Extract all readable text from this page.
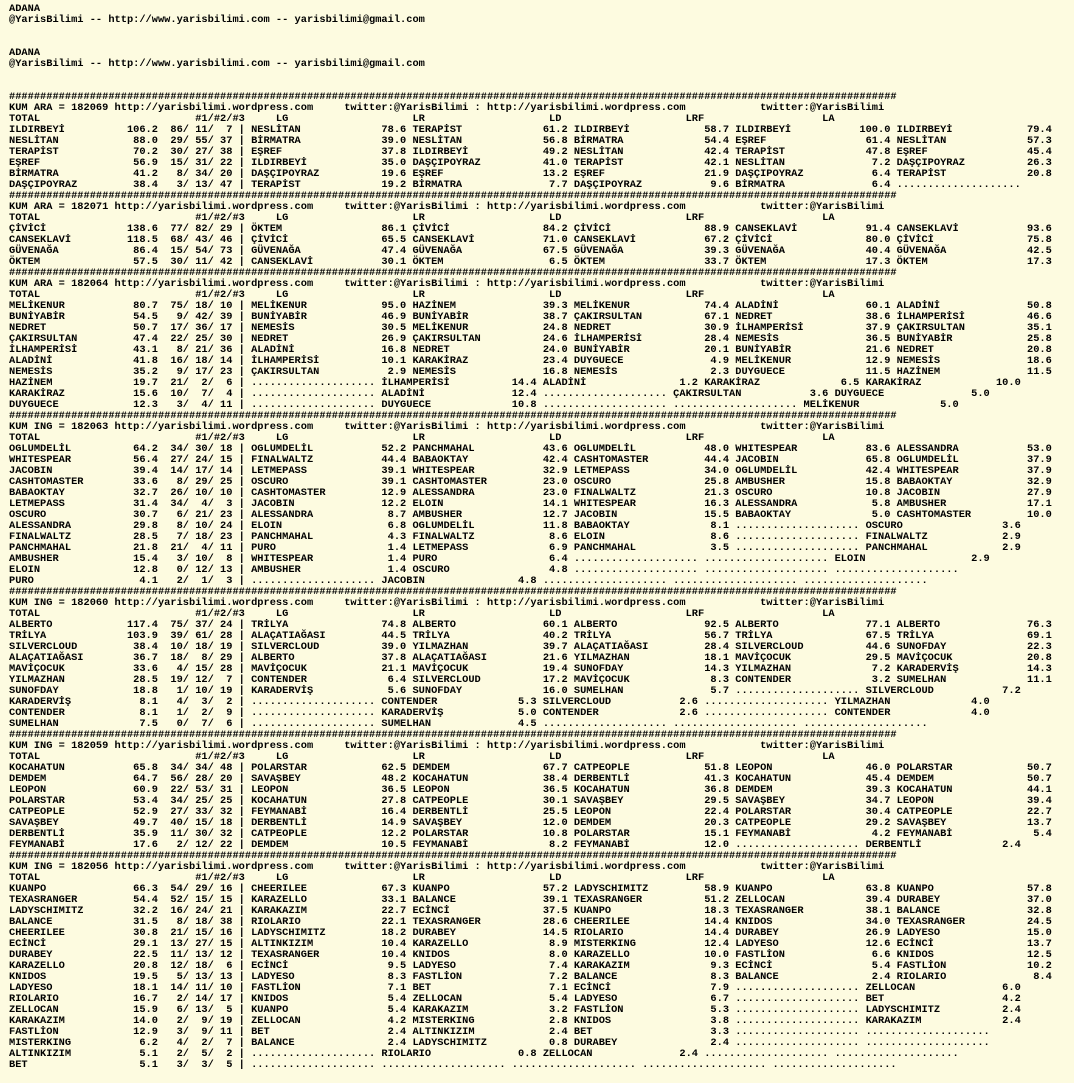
ADANA
@YarisBilimi -- http://www.yarisbilimi.com -- yarisbilimi@gmail.com
ADANA
@YarisBilimi -- http://www.yarisbilimi.com -- yarisbilimi@gmail.com
###############################################################################################################################################
KUM ARA = 182069 http://yarisbilimi.wordpress.com     twitter:@YarisBilimi : http://yarisbilimi.wordpress.com            twitter:@YarisBilimi
TOTAL                         #1/#2/#3     LG                    LR                    LD                    LRF                   LA
ILDIRBEYİ          106.2  86/ 11/  7 | NESLİTAN             78.6 TERAPİST             61.2 ILDIRBEYİ            58.7 ILDIRBEYİ           100.0 ILDIRBEYİ            79.4
NESLİTAN            88.0  29/ 55/ 37 | BİRMATRA             39.0 NESLİTAN             56.8 BİRMATRA             54.4 EŞREF                61.4 NESLİTAN             57.3
TERAPİST            70.2  30/ 27/ 38 | EŞREF                37.8 ILDIRBEYİ            49.2 NESLİTAN             42.4 TERAPİST             47.8 EŞREF                45.4
EŞREF               56.9  15/ 31/ 22 | ILDIRBEYİ            35.0 DAŞÇIPOYRAZ          41.0 TERAPİST             42.1 NESLİTAN              7.2 DAŞÇIPOYRAZ          26.3
BİRMATRA            41.2   8/ 34/ 20 | DAŞÇIPOYRAZ          19.6 EŞREF                13.2 EŞREF                21.9 DAŞÇIPOYRAZ           6.4 TERAPİST             20.8
DAŞÇIPOYRAZ         38.4   3/ 13/ 47 | TERAPİST             19.2 BİRMATRA              7.7 DAŞÇIPOYRAZ           9.6 BİRMATRA              6.4 ....................
###############################################################################################################################################
KUM ARA = 182071 http://yarisbilimi.wordpress.com     twitter:@YarisBilimi : http://yarisbilimi.wordpress.com            twitter:@YarisBilimi
TOTAL                         #1/#2/#3     LG                    LR                    LD                    LRF                   LA
ÇİVİCİ             138.6  77/ 82/ 29 | ÖKTEM                86.1 ÇİVİCİ               84.2 ÇİVİCİ               88.9 CANSEKLAVİ           91.4 CANSEKLAVİ           93.6
CANSEKLAVİ         118.5  68/ 43/ 46 | ÇİVİCİ               65.5 CANSEKLAVİ           71.0 CANSEKLAVİ           67.2 ÇİVİCİ               80.0 ÇİVİCİ               75.8
GÜVENAĞA            86.4  15/ 54/ 73 | GÜVENAĞA             47.4 GÜVENAĞA             67.5 GÜVENAĞA             39.3 GÜVENAĞA             40.4 GÜVENAĞA             42.5
ÖKTEM               57.5  30/ 11/ 42 | CANSEKLAVİ           30.1 ÖKTEM                 6.5 ÖKTEM                33.7 ÖKTEM                17.3 ÖKTEM                17.3
###############################################################################################################################################
KUM ARA = 182064 http://yarisbilimi.wordpress.com     twitter:@YarisBilimi : http://yarisbilimi.wordpress.com            twitter:@YarisBilimi
TOTAL                         #1/#2/#3     LG                    LR                    LD                    LRF                   LA
MELİKENUR           80.7  75/ 18/ 10 | MELİKENUR            95.0 HAZİNEM              39.3 MELİKENUR            74.4 ALADİNİ              60.1 ALADİNİ              50.8
BUNİYABİR           54.5   9/ 42/ 39 | BUNİYABİR            46.9 BUNİYABİR            38.7 ÇAKIRSULTAN          67.1 NEDRET               38.6 İLHAMPERİSİ          46.6
NEDRET              50.7  17/ 36/ 17 | NEMESİS              30.5 MELİKENUR            24.8 NEDRET               30.9 İLHAMPERİSİ          37.9 ÇAKIRSULTAN          35.1
ÇAKIRSULTAN         47.4  22/ 25/ 30 | NEDRET               26.9 ÇAKIRSULTAN          24.6 İLHAMPERİSİ          28.4 NEMESİS              36.5 BUNİYABİR            25.8
İLHAMPERİSİ         43.1   8/ 21/ 36 | ALADİNİ              16.8 NEDRET               24.0 BUNİYABİR            20.1 BUNİYABİR            21.6 NEDRET               20.8
ALADİNİ             41.8  16/ 18/ 14 | İLHAMPERİSİ          10.1 KARAKİRAZ            23.4 DUYGUECE              4.9 MELİKENUR            12.9 NEMESİS              18.6
NEMESİS             35.2   9/ 17/ 23 | ÇAKIRSULTAN           2.9 NEMESİS              16.8 NEMESİS               2.3 DUYGUECE             11.5 HAZİNEM              11.5
HAZİNEM             19.7  21/  2/  6 | .................... İLHAMPERİSİ          14.4 ALADİNİ               1.2 KARAKİRAZ             6.5 KARAKİRAZ            10.0
KARAKİRAZ           15.6  10/  7/  4 | .................... ALADİNİ              12.4 .................... ÇAKIRSULTAN           3.6 DUYGUECE              5.0
DUYGUECE            12.3   3/  4/ 11 | .................... DUYGUECE             10.8 .................... .................... MELİKENUR             5.0
###############################################################################################################################################
KUM ING = 182063 http://yarisbilimi.wordpress.com     twitter:@YarisBilimi : http://yarisbilimi.wordpress.com            twitter:@YarisBilimi
TOTAL                         #1/#2/#3     LG                    LR                    LD                    LRF                   LA
OGLUMDELİL          64.2  34/ 30/ 18 | OGLUMDELİL           52.2 PANCHMAHAL           43.6 OGLUMDELİL           48.0 WHITESPEAR           83.6 ALESSANDRA           53.0
WHITESPEAR          56.4  27/ 24/ 15 | FINALWALTZ           44.4 BABAOKTAY            42.4 CASHTOMASTER         44.4 JACOBIN              65.8 OGLUMDELİL           37.9
JACOBIN             39.4  14/ 17/ 14 | LETMEPASS            39.1 WHITESPEAR           32.9 LETMEPASS            34.0 OGLUMDELİL           42.4 WHITESPEAR           37.9
CASHTOMASTER        33.6   8/ 29/ 25 | OSCURO               39.1 CASHTOMASTER         23.0 OSCURO               25.8 AMBUSHER             15.8 BABAOKTAY            32.9
BABAOKTAY           32.7  26/ 10/ 10 | CASHTOMASTER         12.9 ALESSANDRA           23.0 FINALWALTZ           21.3 OSCURO               10.8 JACOBIN              27.9
LETMEPASS           31.4  34/  4/  3 | JACOBIN              12.2 ELOIN                14.1 WHITESPEAR           16.3 ALESSANDRA            5.8 AMBUSHER             17.1
OSCURO              30.7   6/ 21/ 23 | ALESSANDRA            8.7 AMBUSHER             12.7 JACOBIN              15.5 BABAOKTAY             5.0 CASHTOMASTER         10.0
ALESSANDRA          29.8   8/ 10/ 24 | ELOIN                 6.8 OGLUMDELİL           11.8 BABAOKTAY             8.1 .................... OSCURO                3.6
FINALWALTZ          28.5   7/ 18/ 23 | PANCHMAHAL            4.3 FINALWALTZ            8.6 ELOIN                 8.6 .................... FINALWALTZ            2.9
PANCHMAHAL          21.8  21/  4/ 11 | PURO                  1.4 LETMEPASS             6.9 PANCHMAHAL            3.5 .................... PANCHMAHAL            2.9
AMBUSHER            15.4   3/ 10/  8 | WHITESPEAR            1.4 PURO                  6.4 .................... .................... ELOIN                 2.9
ELOIN               12.8   0/ 12/ 13 | AMBUSHER              1.4 OSCURO                4.8 .................... .................... ....................
PURO                 4.1   2/  1/  3 | .................... JACOBIN               4.8 .................... .................... ....................
###############################################################################################################################################
KUM ING = 182060 http://yarisbilimi.wordpress.com     twitter:@YarisBilimi : http://yarisbilimi.wordpress.com            twitter:@YarisBilimi
TOTAL                         #1/#2/#3     LG                    LR                    LD                    LRF                   LA
ALBERTO            117.4  75/ 37/ 24 | TRİLYA               74.8 ALBERTO              60.1 ALBERTO              92.5 ALBERTO              77.1 ALBERTO              76.3
TRİLYA             103.9  39/ 61/ 28 | ALAÇATIAĞASI         44.5 TRİLYA               40.2 TRİLYA               56.7 TRİLYA               67.5 TRİLYA               69.1
SILVERCLOUD         38.4  10/ 18/ 19 | SILVERCLOUD          39.0 YILMAZHAN            39.7 ALAÇATIAĞASI         28.4 SILVERCLOUD          44.6 SUNOFDAY             22.3
ALAÇATIAĞASI        36.7  18/  8/ 29 | ALBERTO              37.8 ALAÇATIAĞASI         21.6 YILMAZHAN            18.1 MAVİÇOCUK            29.5 MAVİÇOCUK            20.8
MAVİÇOCUK           33.6   4/ 15/ 28 | MAVİÇOCUK            21.1 MAVİÇOCUK            19.4 SUNOFDAY             14.3 YILMAZHAN             7.2 KARADERVİŞ           14.3
YILMAZHAN           28.5  19/ 12/  7 | CONTENDER             6.4 SILVERCLOUD          17.2 MAVİÇOCUK             8.3 CONTENDER             3.2 SUMELHAN             11.1
SUNOFDAY            18.8   1/ 10/ 19 | KARADERVİŞ            5.6 SUNOFDAY             16.0 SUMELHAN              5.7 .................... SILVERCLOUD           7.2
KARADERVİŞ           8.1   4/  3/  2 | .................... CONTENDER             5.3 SILVERCLOUD           2.6 .................... YILMAZHAN             4.0
CONTENDER            8.1   1/  2/  9 | .................... KARADERVİŞ            5.0 CONTENDER             2.6 .................... CONTENDER             4.0
SUMELHAN             7.5   0/  7/  6 | .................... SUMELHAN              4.5 .................... .................... ....................
###############################################################################################################################################
KUM ING = 182059 http://yarisbilimi.wordpress.com     twitter:@YarisBilimi : http://yarisbilimi.wordpress.com            twitter:@YarisBilimi
TOTAL                         #1/#2/#3     LG                    LR                    LD                    LRF                   LA
KOCAHATUN           65.8  34/ 34/ 48 | POLARSTAR            62.5 DEMDEM               67.7 CATPEOPLE            51.8 LEOPON               46.0 POLARSTAR            50.7
DEMDEM              64.7  56/ 28/ 20 | SAVAŞBEY             48.2 KOCAHATUN            38.4 DERBENTLİ            41.3 KOCAHATUN            45.4 DEMDEM               50.7
LEOPON              60.9  22/ 53/ 31 | LEOPON               36.5 LEOPON               36.5 KOCAHATUN            36.8 DEMDEM               39.3 KOCAHATUN            44.1
POLARSTAR           53.4  34/ 25/ 25 | KOCAHATUN            27.8 CATPEOPLE            30.1 SAVAŞBEY             29.5 SAVAŞBEY             34.7 LEOPON               39.4
CATPEOPLE           52.9  27/ 33/ 32 | FEYMANABİ            16.4 DERBENTLİ            25.5 LEOPON               22.4 POLARSTAR            30.4 CATPEOPLE            22.7
SAVAŞBEY            49.7  40/ 15/ 18 | DERBENTLİ            14.9 SAVAŞBEY             12.0 DEMDEM               20.3 CATPEOPLE            29.2 SAVAŞBEY             13.7
DERBENTLİ           35.9  11/ 30/ 32 | CATPEOPLE            12.2 POLARSTAR            10.8 POLARSTAR            15.1 FEYMANABİ             4.2 FEYMANABİ             5.4
FEYMANABİ           17.6   2/ 12/ 22 | DEMDEM               10.5 FEYMANABİ             8.2 FEYMANABİ            12.0 .................... DERBENTLİ             2.4
###############################################################################################################################################
KUM ING = 182056 http://yarisbilimi.wordpress.com     twitter:@YarisBilimi : http://yarisbilimi.wordpress.com            twitter:@YarisBilimi
TOTAL                         #1/#2/#3     LG                    LR                    LD                    LRF                   LA
KUANPO              66.3  54/ 29/ 16 | CHEERILEE            67.3 KUANPO               57.2 LADYSCHIMITZ         58.9 KUANPO               63.8 KUANPO               57.8
TEXASRANGER         54.4  52/ 15/ 15 | KARAZELLO            33.1 BALANCE              39.1 TEXASRANGER          51.2 ZELLOCAN             39.4 DURABEY              37.0
LADYSCHIMITZ        32.2  16/ 24/ 21 | KARAKAZIM            22.7 ECİNCİ               37.5 KUANPO               18.3 TEXASRANGER          38.1 BALANCE              32.8
BALANCE             31.5   8/ 18/ 38 | RIOLARIO             22.1 TEXASRANGER          28.6 CHEERILEE            14.4 KNIDOS               34.0 TEXASRANGER          24.5
CHEERILEE           30.8  21/ 15/ 16 | LADYSCHIMITZ         18.2 DURABEY              14.5 RIOLARIO             14.4 DURABEY              26.9 LADYESO              15.0
ECİNCİ              29.1  13/ 27/ 15 | ALTINKIZIM           10.4 KARAZELLO             8.9 MISTERKING           12.4 LADYESO              12.6 ECİNCİ               13.7
DURABEY             22.5  11/ 13/ 12 | TEXASRANGER          10.4 KNIDOS                8.0 KARAZELLO            10.0 FASTLİON              6.6 KNIDOS               12.5
KARAZELLO           20.8  12/ 18/  6 | ECİNCİ                9.5 LADYESO               7.4 KARAKAZIM             9.3 ECİNCİ                5.4 FASTLİON             10.2
KNIDOS              19.5   5/ 13/ 13 | LADYESO               8.3 FASTLİON              7.2 BALANCE               8.3 BALANCE               2.4 RIOLARIO              8.4
LADYESO             18.1  14/ 11/ 10 | FASTLİON              7.1 BET                   7.1 ECİNCİ                7.9 .................... ZELLOCAN              6.0
RIOLARIO            16.7   2/ 14/ 17 | KNIDOS                5.4 ZELLOCAN              5.4 LADYESO               6.7 .................... BET                   4.2
ZELLOCAN            15.9   6/ 13/  5 | KUANPO                5.4 KARAKAZIM             3.2 FASTLİON              5.3 .................... LADYSCHIMITZ          2.4
KARAKAZIM           14.0   2/  9/ 19 | ZELLOCAN              4.2 MISTERKING            2.8 KNIDOS                3.8 .................... KARAKAZIM             2.4
FASTLİON            12.9   3/  9/ 11 | BET                   2.4 ALTINKIZIM            2.4 BET                   3.3 .................... ....................
MISTERKING           6.2   4/  2/  7 | BALANCE               2.4 LADYSCHIMITZ          0.8 DURABEY               2.4 .................... ....................
ALTINKIZIM           5.1   2/  5/  2 | .................... RIOLARIO              0.8 ZELLOCAN              2.4 .................... ....................
BET                  5.1   3/  3/  5 | .................... .................... .................... .................... ....................
